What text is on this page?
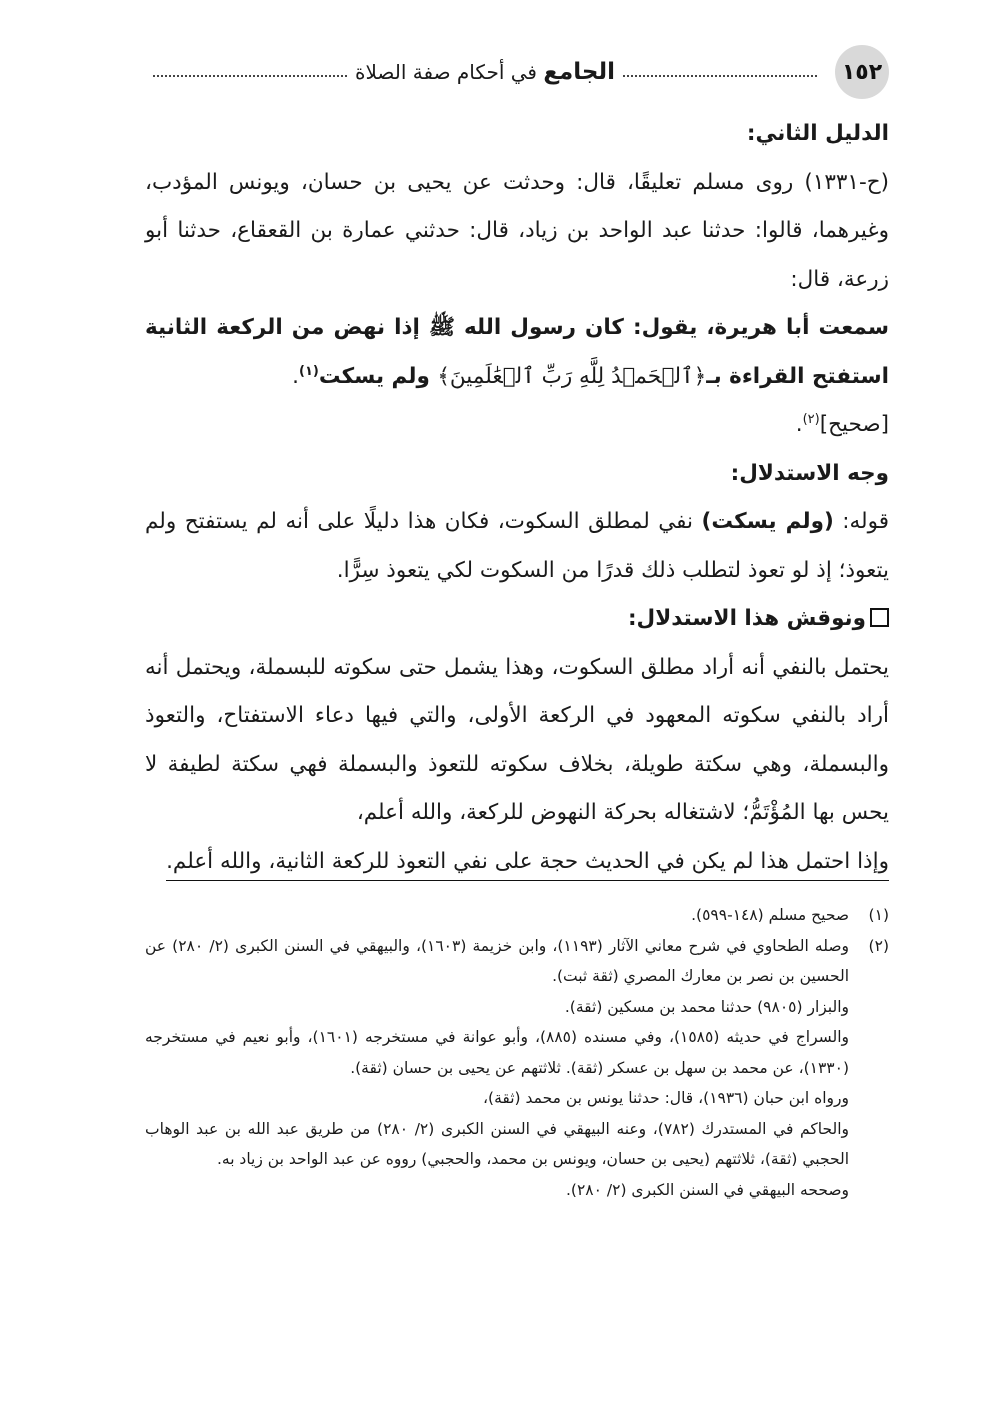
١٥٢
الجامع في أحكام صفة الصلاة

الدليل الثاني:

(ح-١٣٣١) روى مسلم تعليقًا، قال: وحدثت عن يحيى بن حسان، ويونس المؤدب، وغيرهما، قالوا: حدثنا عبد الواحد بن زياد، قال: حدثني عمارة بن القعقاع، حدثنا أبو زرعة، قال:

سمعت أبا هريرة، يقول: كان رسول الله ﷺ إذا نهض من الركعة الثانية استفتح القراءة بـ﴿ٱلۡحَمۡدُ لِلَّهِ رَبِّ ٱلۡعَٰلَمِينَ﴾ ولم يسكت$^{(١)}$.

[صحيح]$^{(٢)}$.

وجه الاستدلال:

قوله: (ولم يسكت) نفي لمطلق السكوت، فكان هذا دليلًا على أنه لم يستفتح ولم يتعوذ؛ إذ لو تعوذ لتطلب ذلك قدرًا من السكوت لكي يتعوذ سِرًّا.

ونوقش هذا الاستدلال:

يحتمل بالنفي أنه أراد مطلق السكوت، وهذا يشمل حتى سكوته للبسملة، ويحتمل أنه أراد بالنفي سكوته المعهود في الركعة الأولى، والتي فيها دعاء الاستفتاح، والتعوذ والبسملة، وهي سكتة طويلة، بخلاف سكوته للتعوذ والبسملة فهي سكتة لطيفة لا يحس بها المُؤْتَمُّ؛ لاشتغاله بحركة النهوض للركعة، والله أعلم،

وإذا احتمل هذا لم يكن في الحديث حجة على نفي التعوذ للركعة الثانية، والله أعلم.

(١)
صحيح مسلم (١٤٨-٥٩٩).
(٢)
وصله الطحاوي في شرح معاني الآثار (١١٩٣)، وابن خزيمة (١٦٠٣)، والبيهقي في السنن الكبرى (٢/ ٢٨٠) عن الحسين بن نصر بن معارك المصري (ثقة ثبت).
والبزار (٩٨٠٥) حدثنا محمد بن مسكين (ثقة).
والسراج في حديثه (١٥٨٥)، وفي مسنده (٨٨٥)، وأبو عوانة في مستخرجه (١٦٠١)، وأبو نعيم في مستخرجه (١٣٣٠)، عن محمد بن سهل بن عسكر (ثقة). ثلاثتهم عن يحيى بن حسان (ثقة).
ورواه ابن حبان (١٩٣٦)، قال: حدثنا يونس بن محمد (ثقة)،
والحاكم في المستدرك (٧٨٢)، وعنه البيهقي في السنن الكبرى (٢/ ٢٨٠) من طريق عبد الله بن عبد الوهاب الحجبي (ثقة)، ثلاثتهم (يحيى بن حسان، ويونس بن محمد، والحجبي) رووه عن عبد الواحد بن زياد به.
وصححه البيهقي في السنن الكبرى (٢/ ٢٨٠).
